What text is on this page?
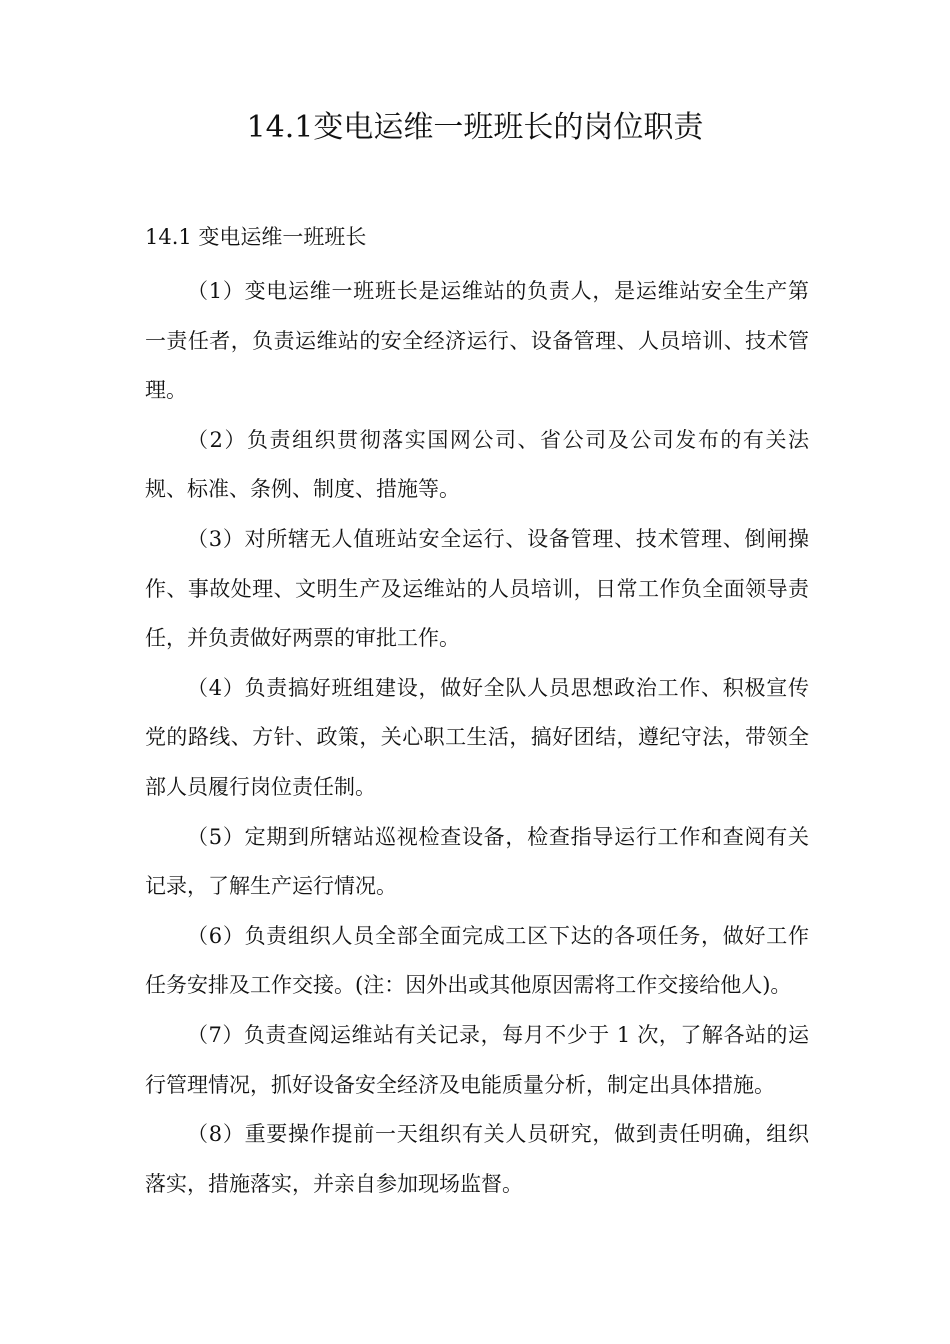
14.1变电运维一班班长的岗位职责

14.1 变电运维一班班长

（1）变电运维一班班长是运维站的负责人，是运维站安全生产第一责任者，负责运维站的安全经济运行、设备管理、人员培训、技术管理。

（2）负责组织贯彻落实国网公司、省公司及公司发布的有关法规、标准、条例、制度、措施等。

（3）对所辖无人值班站安全运行、设备管理、技术管理、倒闸操作、事故处理、文明生产及运维站的人员培训，日常工作负全面领导责任，并负责做好两票的审批工作。

（4）负责搞好班组建设，做好全队人员思想政治工作、积极宣传党的路线、方针、政策，关心职工生活，搞好团结，遵纪守法，带领全部人员履行岗位责任制。

（5）定期到所辖站巡视检查设备，检查指导运行工作和查阅有关记录，了解生产运行情况。

（6）负责组织人员全部全面完成工区下达的各项任务，做好工作任务安排及工作交接。(注：因外出或其他原因需将工作交接给他人)。

（7）负责查阅运维站有关记录，每月不少于 1 次，了解各站的运行管理情况，抓好设备安全经济及电能质量分析，制定出具体措施。

（8）重要操作提前一天组织有关人员研究，做到责任明确，组织落实，措施落实，并亲自参加现场监督。
